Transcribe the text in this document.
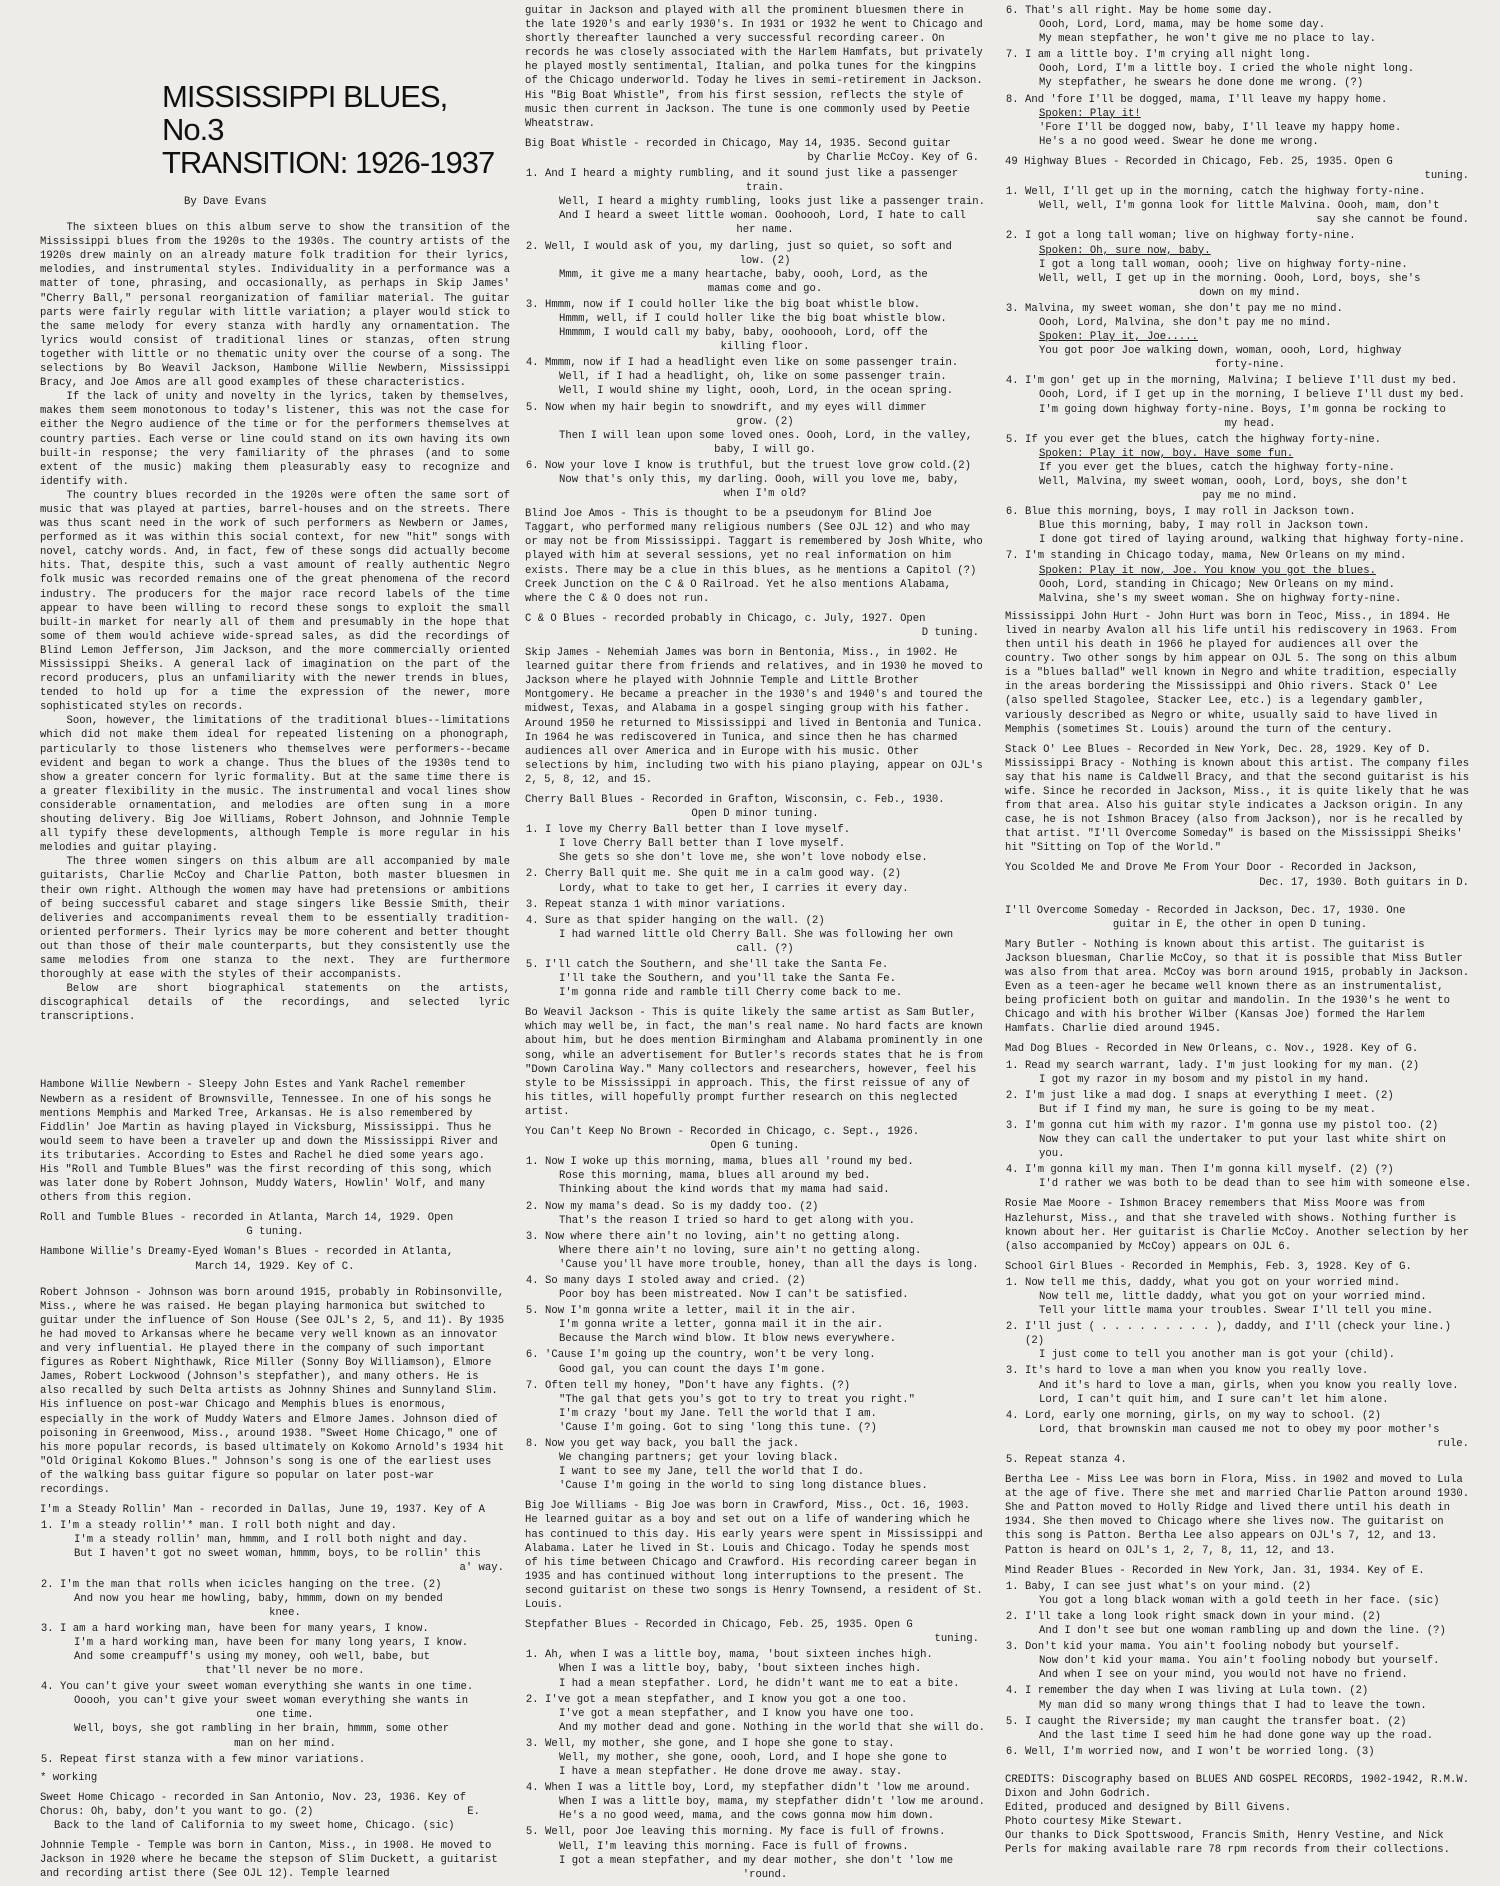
MISSISSIPPI BLUES, No.3
TRANSITION: 1926-1937
By Dave Evans
The sixteen blues on this album serve to show the transition of the Mississippi blues from the 1920s to the 1930s. The country artists of the 1920s drew mainly on an already mature folk tradition for their lyrics, melodies, and instrumental styles. Individuality in a performance was a matter of tone, phrasing, and occasionally, as perhaps in Skip James' "Cherry Ball," personal reorganization of familiar material. The guitar parts were fairly regular with little variation; a player would stick to the same melody for every stanza with hardly any ornamentation. The lyrics would consist of traditional lines or stanzas, often strung together with little or no thematic unity over the course of a song. The selections by Bo Weavil Jackson, Hambone Willie Newbern, Mississippi Bracy, and Joe Amos are all good examples of these characteristics.
If the lack of unity and novelty in the lyrics, taken by themselves, makes them seem monotonous to today's listener, this was not the case for either the Negro audience of the time or for the performers themselves at country parties. Each verse or line could stand on its own having its own built-in response; the very familiarity of the phrases (and to some extent of the music) making them pleasurably easy to recognize and identify with.
The country blues recorded in the 1920s were often the same sort of music that was played at parties, barrel-houses and on the streets. There was thus scant need in the work of such performers as Newbern or James, performed as it was within this social context, for new "hit" songs with novel, catchy words. And, in fact, few of these songs did actually become hits. That, despite this, such a vast amount of really authentic Negro folk music was recorded remains one of the great phenomena of the record industry. The producers for the major race record labels of the time appear to have been willing to record these songs to exploit the small built-in market for nearly all of them and presumably in the hope that some of them would achieve wide-spread sales, as did the recordings of Blind Lemon Jefferson, Jim Jackson, and the more commercially oriented Mississippi Sheiks. A general lack of imagination on the part of the record producers, plus an unfamiliarity with the newer trends in blues, tended to hold up for a time the expression of the newer, more sophisticated styles on records.
Soon, however, the limitations of the traditional blues--limitations which did not make them ideal for repeated listening on a phonograph, particularly to those listeners who themselves were performers--became evident and began to work a change. Thus the blues of the 1930s tend to show a greater concern for lyric formality. But at the same time there is a greater flexibility in the music. The instrumental and vocal lines show considerable ornamentation, and melodies are often sung in a more shouting delivery. Big Joe Williams, Robert Johnson, and Johnnie Temple all typify these developments, although Temple is more regular in his melodies and guitar playing.
The three women singers on this album are all accompanied by male guitarists, Charlie McCoy and Charlie Patton, both master bluesmen in their own right. Although the women may have had pretensions or ambitions of being successful cabaret and stage singers like Bessie Smith, their deliveries and accompaniments reveal them to be essentially tradition-oriented performers. Their lyrics may be more coherent and better thought out than those of their male counterparts, but they consistently use the same melodies from one stanza to the next. They are furthermore thoroughly at ease with the styles of their accompanists.
Below are short biographical statements on the artists, discographical details of the recordings, and selected lyric transcriptions.
Hambone Willie Newbern - Sleepy John Estes and Yank Rachel remember Newbern as a resident of Brownsville, Tennessee. In one of his songs he mentions Memphis and Marked Tree, Arkansas. He is also remembered by Fiddlin' Joe Martin as having played in Vicksburg, Mississippi. Thus he would seem to have been a traveler up and down the Mississippi River and its tributaries. According to Estes and Rachel he died some years ago. His "Roll and Tumble Blues" was the first recording of this song, which was later done by Robert Johnson, Muddy Waters, Howlin' Wolf, and many others from this region.
Roll and Tumble Blues - recorded in Atlanta, March 14, 1929. Open
G tuning.
Hambone Willie's Dreamy-Eyed Woman's Blues - recorded in Atlanta,
March 14, 1929. Key of C.
Robert Johnson - Johnson was born around 1915, probably in Robinsonville, Miss., where he was raised. He began playing harmonica but switched to guitar under the influence of Son House (See OJL's 2, 5, and 11). By 1935 he had moved to Arkansas where he became very well known as an innovator and very influential. He played there in the company of such important figures as Robert Nighthawk, Rice Miller (Sonny Boy Williamson), Elmore James, Robert Lockwood (Johnson's stepfather), and many others. He is also recalled by such Delta artists as Johnny Shines and Sunnyland Slim. His influence on post-war Chicago and Memphis blues is enormous, especially in the work of Muddy Waters and Elmore James. Johnson died of poisoning in Greenwood, Miss., around 1938. "Sweet Home Chicago," one of his more popular records, is based ultimately on Kokomo Arnold's 1934 hit "Old Original Kokomo Blues." Johnson's song is one of the earliest uses of the walking bass guitar figure so popular on later post-war recordings.
I'm a Steady Rollin' Man - recorded in Dallas, June 19, 1937. Key of A
1. I'm a steady rollin'* man. I roll both night and day.
I'm a steady rollin' man, hmmm, and I roll both night and day.
But I haven't got no sweet woman, hmmm, boys, to be rollin' this
a' way.
2. I'm the man that rolls when icicles hanging on the tree. (2)
And now you hear me howling, baby, hmmm, down on my bended
knee.
3. I am a hard working man, have been for many years, I know.
I'm a hard working man, have been for many long years, I know.
And some creampuff's using my money, ooh well, babe, but
that'll never be no more.
4. You can't give your sweet woman everything she wants in one time.
Ooooh, you can't give your sweet woman everything she wants in
one time.
Well, boys, she got rambling in her brain, hmmm, some other
man on her mind.
5. Repeat first stanza with a few minor variations.
* working
Sweet Home Chicago - recorded in San Antonio, Nov. 23, 1936. Key of
Chorus: Oh, baby, don't you want to go. (2)	E.
Back to the land of California to my sweet home, Chicago. (sic)
Johnnie Temple - Temple was born in Canton, Miss., in 1908. He moved to Jackson in 1920 where he became the stepson of Slim Duckett, a guitarist and recording artist there (See OJL 12). Temple learned
guitar in Jackson and played with all the prominent bluesmen there in the late 1920's and early 1930's. In 1931 or 1932 he went to Chicago and shortly thereafter launched a very successful recording career. On records he was closely associated with the Harlem Hamfats, but privately he played mostly sentimental, Italian, and polka tunes for the kingpins of the Chicago underworld. Today he lives in semi-retirement in Jackson. His "Big Boat Whistle", from his first session, reflects the style of music then current in Jackson. The tune is one commonly used by Peetie Wheatstraw.
Big Boat Whistle - recorded in Chicago, May 14, 1935. Second guitar
by Charlie McCoy. Key of G.
1. And I heard a mighty rumbling, and it sound just like a passenger
train.
Well, I heard a mighty rumbling, looks just like a passenger train.
And I heard a sweet little woman. Ooohoooh, Lord, I hate to call
her name.
2. Well, I would ask of you, my darling, just so quiet, so soft and
low. (2)
Mmm, it give me a many heartache, baby, oooh, Lord, as the
mamas come and go.
3. Hmmm, now if I could holler like the big boat whistle blow.
Hmmm, well, if I could holler like the big boat whistle blow.
Hmmmm, I would call my baby, baby, ooohoooh, Lord, off the
killing floor.
4. Mmmm, now if I had a headlight even like on some passenger train.
Well, if I had a headlight, oh, like on some passenger train.
Well, I would shine my light, oooh, Lord, in the ocean spring.
5. Now when my hair begin to snowdrift, and my eyes will dimmer
grow. (2)
Then I will lean upon some loved ones. Oooh, Lord, in the valley,
baby, I will go.
6. Now your love I know is truthful, but the truest love grow cold.(2)
Now that's only this, my darling. Oooh, will you love me, baby,
when I'm old?
Blind Joe Amos - This is thought to be a pseudonym for Blind Joe Taggart, who performed many religious numbers (See OJL 12) and who may or may not be from Mississippi. Taggart is remembered by Josh White, who played with him at several sessions, yet no real information on him exists. There may be a clue in this blues, as he mentions a Capitol (?) Creek Junction on the C & O Railroad. Yet he also mentions Alabama, where the C & O does not run.
C & O Blues - recorded probably in Chicago, c. July, 1927. Open
D tuning.
Skip James - Nehemiah James was born in Bentonia, Miss., in 1902. He learned guitar there from friends and relatives, and in 1930 he moved to Jackson where he played with Johnnie Temple and Little Brother Montgomery. He became a preacher in the 1930's and 1940's and toured the midwest, Texas, and Alabama in a gospel singing group with his father. Around 1950 he returned to Mississippi and lived in Bentonia and Tunica. In 1964 he was rediscovered in Tunica, and since then he has charmed audiences all over America and in Europe with his music. Other selections by him, including two with his piano playing, appear on OJL's 2, 5, 8, 12, and 15.
Cherry Ball Blues - Recorded in Grafton, Wisconsin, c. Feb., 1930.
Open D minor tuning.
1. I love my Cherry Ball better than I love myself.
I love Cherry Ball better than I love myself.
She gets so she don't love me, she won't love nobody else.
2. Cherry Ball quit me. She quit me in a calm good way. (2)
Lordy, what to take to get her, I carries it every day.
3. Repeat stanza 1 with minor variations.
4. Sure as that spider hanging on the wall. (2)
I had warned little old Cherry Ball. She was following her own
call. (?)
5. I'll catch the Southern, and she'll take the Santa Fe.
I'll take the Southern, and you'll take the Santa Fe.
I'm gonna ride and ramble till Cherry come back to me.
Bo Weavil Jackson - This is quite likely the same artist as Sam Butler, which may well be, in fact, the man's real name. No hard facts are known about him, but he does mention Birmingham and Alabama prominently in one song, while an advertisement for Butler's records states that he is from "Down Carolina Way." Many collectors and researchers, however, feel his style to be Mississippi in approach. This, the first reissue of any of his titles, will hopefully prompt further research on this neglected artist.
You Can't Keep No Brown - Recorded in Chicago, c. Sept., 1926.
Open G tuning.
1. Now I woke up this morning, mama, blues all 'round my bed.
Rose this morning, mama, blues all around my bed.
Thinking about the kind words that my mama had said.
2. Now my mama's dead. So is my daddy too. (2)
That's the reason I tried so hard to get along with you.
3. Now where there ain't no loving, ain't no getting along.
Where there ain't no loving, sure ain't no getting along.
'Cause you'll have more trouble, honey, than all the days is long.
4. So many days I stoled away and cried. (2)
Poor boy has been mistreated. Now I can't be satisfied.
5. Now I'm gonna write a letter, mail it in the air.
I'm gonna write a letter, gonna mail it in the air.
Because the March wind blow. It blow news everywhere.
6. 'Cause I'm going up the country, won't be very long.
Good gal, you can count the days I'm gone.
7. Often tell my honey, "Don't have any fights. (?)
"The gal that gets you's got to try to treat you right."
I'm crazy 'bout my Jane. Tell the world that I am.
'Cause I'm going. Got to sing 'long this tune. (?)
8. Now you get way back, you ball the jack.
We changing partners; get your loving black.
I want to see my Jane, tell the world that I do.
'Cause I'm going in the world to sing long distance blues.
Big Joe Williams - Big Joe was born in Crawford, Miss., Oct. 16, 1903. He learned guitar as a boy and set out on a life of wandering which he has continued to this day. His early years were spent in Mississippi and Alabama. Later he lived in St. Louis and Chicago. Today he spends most of his time between Chicago and Crawford. His recording career began in 1935 and has continued without long interruptions to the present. The second guitarist on these two songs is Henry Townsend, a resident of St. Louis.
Stepfather Blues - Recorded in Chicago, Feb. 25, 1935. Open G
tuning.
1. Ah, when I was a little boy, mama, 'bout sixteen inches high.
When I was a little boy, baby, 'bout sixteen inches high.
I had a mean stepfather. Lord, he didn't want me to eat a bite.
2. I've got a mean stepfather, and I know you got a one too.
I've got a mean stepfather, and I know you have one too.
And my mother dead and gone. Nothing in the world that she will do.
3. Well, my mother, she gone, and I hope she gone to stay.
Well, my mother, she gone, oooh, Lord, and I hope she gone to
I have a mean stepfather. He done drove me away. stay.
4. When I was a little boy, Lord, my stepfather didn't 'low me around.
When I was a little boy, mama, my stepfather didn't 'low me around.
He's a no good weed, mama, and the cows gonna mow him down.
5. Well, poor Joe leaving this morning. My face is full of frowns.
Well, I'm leaving this morning. Face is full of frowns.
I got a mean stepfather, and my dear mother, she don't 'low me
'round.
6. That's all right. May be home some day.
Oooh, Lord, Lord, mama, may be home some day.
My mean stepfather, he won't give me no place to lay.
7. I am a little boy. I'm crying all night long.
Oooh, Lord, I'm a little boy. I cried the whole night long.
My stepfather, he swears he done done me wrong. (?)
8. And 'fore I'll be dogged, mama, I'll leave my happy home.
Spoken: Play it!
'Fore I'll be dogged now, baby, I'll leave my happy home.
He's a no good weed. Swear he done me wrong.
49 Highway Blues - Recorded in Chicago, Feb. 25, 1935. Open G
tuning.
1. Well, I'll get up in the morning, catch the highway forty-nine.
Well, well, I'm gonna look for little Malvina. Oooh, mam, don't
say she cannot be found.
2. I got a long tall woman; live on highway forty-nine.
Spoken: Oh, sure now, baby.
I got a long tall woman, oooh; live on highway forty-nine.
Well, well, I get up in the morning. Oooh, Lord, boys, she's
down on my mind.
3. Malvina, my sweet woman, she don't pay me no mind.
Oooh, Lord, Malvina, she don't pay me no mind.
Spoken: Play it, Joe.....
You got poor Joe walking down, woman, oooh, Lord, highway
forty-nine.
4. I'm gon' get up in the morning, Malvina; I believe I'll dust my bed.
Oooh, Lord, if I get up in the morning, I believe I'll dust my bed.
I'm going down highway forty-nine. Boys, I'm gonna be rocking to
my head.
5. If you ever get the blues, catch the highway forty-nine.
Spoken: Play it now, boy. Have some fun.
If you ever get the blues, catch the highway forty-nine.
Well, Malvina, my sweet woman, oooh, Lord, boys, she don't
pay me no mind.
6. Blue this morning, boys, I may roll in Jackson town.
Blue this morning, baby, I may roll in Jackson town.
I done got tired of laying around, walking that highway forty-nine.
7. I'm standing in Chicago today, mama, New Orleans on my mind.
Spoken: Play it now, Joe. You know you got the blues.
Oooh, Lord, standing in Chicago; New Orleans on my mind.
Malvina, she's my sweet woman. She on highway forty-nine.
Mississippi John Hurt - John Hurt was born in Teoc, Miss., in 1894. He lived in nearby Avalon all his life until his rediscovery in 1963. From then until his death in 1966 he played for audiences all over the country. Two other songs by him appear on OJL 5. The song on this album is a "blues ballad" well known in Negro and white tradition, especially in the areas bordering the Mississippi and Ohio rivers. Stack O' Lee (also spelled Stagolee, Stacker Lee, etc.) is a legendary gambler, variously described as Negro or white, usually said to have lived in Memphis (sometimes St. Louis) around the turn of the century.
Stack O' Lee Blues - Recorded in New York, Dec. 28, 1929. Key of D.
Mississippi Bracy - Nothing is known about this artist. The company files say that his name is Caldwell Bracy, and that the second guitarist is his wife. Since he recorded in Jackson, Miss., it is quite likely that he was from that area. Also his guitar style indicates a Jackson origin. In any case, he is not Ishmon Bracey (also from Jackson), nor is he recalled by that artist. "I'll Overcome Someday" is based on the Mississippi Sheiks' hit "Sitting on Top of the World."
You Scolded Me and Drove Me From Your Door - Recorded in Jackson,
Dec. 17, 1930. Both guitars in D.
I'll Overcome Someday - Recorded in Jackson, Dec. 17, 1930. One
guitar in E, the other in open D tuning.
Mary Butler - Nothing is known about this artist. The guitarist is Jackson bluesman, Charlie McCoy, so that it is possible that Miss Butler was also from that area. McCoy was born around 1915, probably in Jackson. Even as a teen-ager he became well known there as an instrumentalist, being proficient both on guitar and mandolin. In the 1930's he went to Chicago and with his brother Wilber (Kansas Joe) formed the Harlem Hamfats. Charlie died around 1945.
Mad Dog Blues - Recorded in New Orleans, c. Nov., 1928. Key of G.
1. Read my search warrant, lady. I'm just looking for my man. (2)
I got my razor in my bosom and my pistol in my hand.
2. I'm just like a mad dog. I snaps at everything I meet. (2)
But if I find my man, he sure is going to be my meat.
3. I'm gonna cut him with my razor. I'm gonna use my pistol too. (2)
Now they can call the undertaker to put your last white shirt on you.
4. I'm gonna kill my man. Then I'm gonna kill myself. (2) (?)
I'd rather we was both to be dead than to see him with someone else.
Rosie Mae Moore - Ishmon Bracey remembers that Miss Moore was from Hazlehurst, Miss., and that she traveled with shows. Nothing further is known about her. Her guitarist is Charlie McCoy. Another selection by her (also accompanied by McCoy) appears on OJL 6.
School Girl Blues - Recorded in Memphis, Feb. 3, 1928. Key of G.
1. Now tell me this, daddy, what you got on your worried mind.
Now tell me, little daddy, what you got on your worried mind.
Tell your little mama your troubles. Swear I'll tell you mine.
2. I'll just ( . . . . . . . . . ), daddy, and I'll (check your line.) (2)
I just come to tell you another man is got your (child).
3. It's hard to love a man when you know you really love.
And it's hard to love a man, girls, when you know you really love.
Lord, I can't quit him, and I sure can't let him alone.
4. Lord, early one morning, girls, on my way to school. (2)
Lord, that brownskin man caused me not to obey my poor mother's
rule.
5. Repeat stanza 4.
Bertha Lee - Miss Lee was born in Flora, Miss. in 1902 and moved to Lula at the age of five. There she met and married Charlie Patton around 1930. She and Patton moved to Holly Ridge and lived there until his death in 1934. She then moved to Chicago where she lives now. The guitarist on this song is Patton. Bertha Lee also appears on OJL's 7, 12, and 13. Patton is heard on OJL's 1, 2, 7, 8, 11, 12, and 13.
Mind Reader Blues - Recorded in New York, Jan. 31, 1934. Key of E.
1. Baby, I can see just what's on your mind. (2)
You got a long black woman with a gold teeth in her face. (sic)
2. I'll take a long look right smack down in your mind. (2)
And I don't see but one woman rambling up and down the line. (?)
3. Don't kid your mama. You ain't fooling nobody but yourself.
Now don't kid your mama. You ain't fooling nobody but yourself.
And when I see on your mind, you would not have no friend.
4. I remember the day when I was living at Lula town. (2)
My man did so many wrong things that I had to leave the town.
5. I caught the Riverside; my man caught the transfer boat. (2)
And the last time I seed him he had done gone way up the road.
6. Well, I'm worried now, and I won't be worried long. (3)
CREDITS: Discography based on BLUES AND GOSPEL RECORDS, 1902-1942, R.M.W. Dixon and John Godrich.
Edited, produced and designed by Bill Givens.
Photo courtesy Mike Stewart.
Our thanks to Dick Spottswood, Francis Smith, Henry Vestine, and Nick Perls for making available rare 78 rpm records from their collections.
